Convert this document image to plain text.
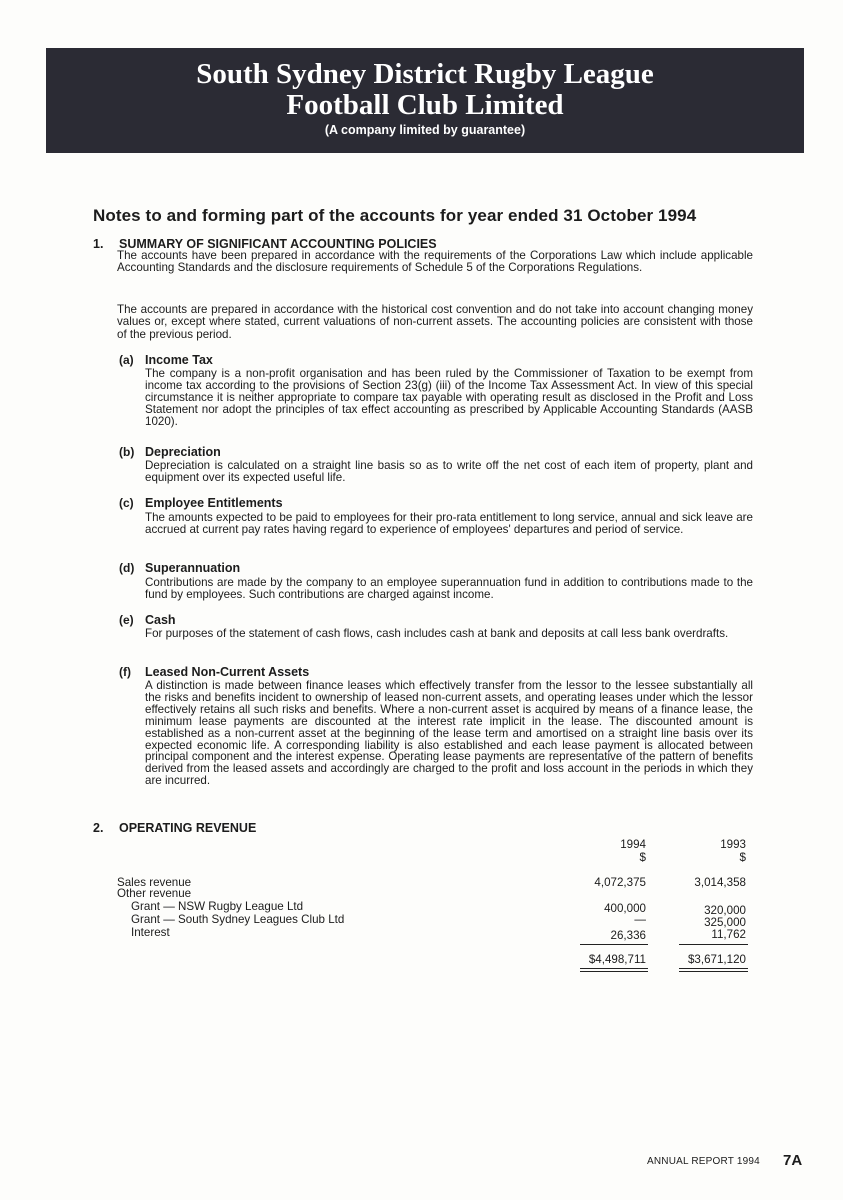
South Sydney District Rugby League
Football Club Limited
(A company limited by guarantee)
Notes to and forming part of the accounts for year ended 31 October 1994
1. SUMMARY OF SIGNIFICANT ACCOUNTING POLICIES
The accounts have been prepared in accordance with the requirements of the Corporations Law which include applicable Accounting Standards and the disclosure requirements of Schedule 5 of the Corporations Regulations.
The accounts are prepared in accordance with the historical cost convention and do not take into account changing money values or, except where stated, current valuations of non-current assets. The accounting policies are consistent with those of the previous period.
(a) Income Tax
The company is a non-profit organisation and has been ruled by the Commissioner of Taxation to be exempt from income tax according to the provisions of Section 23(g) (iii) of the Income Tax Assessment Act. In view of this special circumstance it is neither appropriate to compare tax payable with operating result as disclosed in the Profit and Loss Statement nor adopt the principles of tax effect accounting as prescribed by Applicable Accounting Standards (AASB 1020).
(b) Depreciation
Depreciation is calculated on a straight line basis so as to write off the net cost of each item of property, plant and equipment over its expected useful life.
(c) Employee Entitlements
The amounts expected to be paid to employees for their pro-rata entitlement to long service, annual and sick leave are accrued at current pay rates having regard to experience of employees' departures and period of service.
(d) Superannuation
Contributions are made by the company to an employee superannuation fund in addition to contributions made to the fund by employees. Such contributions are charged against income.
(e) Cash
For purposes of the statement of cash flows, cash includes cash at bank and deposits at call less bank overdrafts.
(f) Leased Non-Current Assets
A distinction is made between finance leases which effectively transfer from the lessor to the lessee substantially all the risks and benefits incident to ownership of leased non-current assets, and operating leases under which the lessor effectively retains all such risks and benefits. Where a non-current asset is acquired by means of a finance lease, the minimum lease payments are discounted at the interest rate implicit in the lease. The discounted amount is established as a non-current asset at the beginning of the lease term and amortised on a straight line basis over its expected economic life. A corresponding liability is also established and each lease payment is allocated between principal component and the interest expense. Operating lease payments are representative of the pattern of benefits derived from the leased assets and accordingly are charged to the profit and loss account in the periods in which they are incurred.
2. OPERATING REVENUE
1994	1993
$	$
Sales revenue	4,072,375	3,014,358
Other revenue
Grant — NSW Rugby League Ltd	400,000	320,000
Grant — South Sydney Leagues Club Ltd	—	325,000
Interest	26,336	11,762
$4,498,711	$3,671,120
ANNUAL REPORT 1994 7A
